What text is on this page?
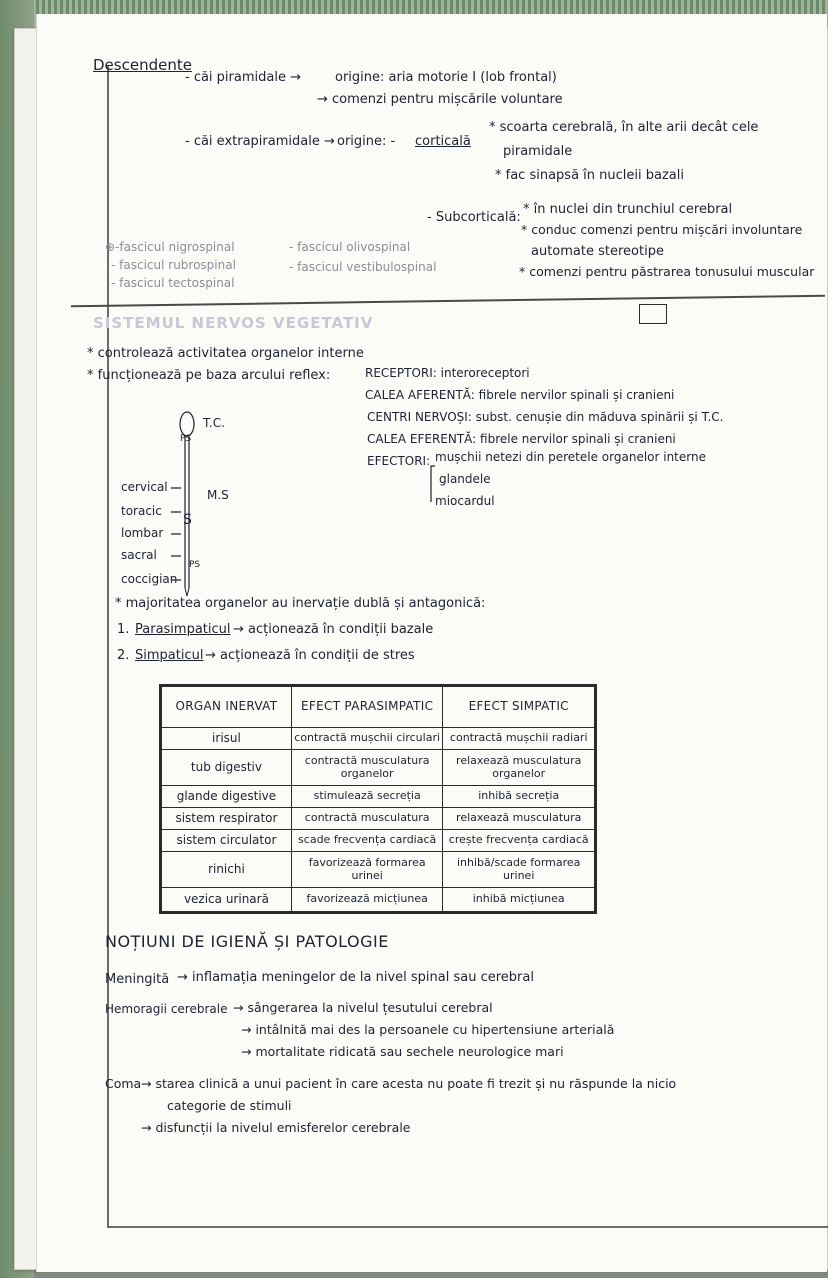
Descendente
- căi piramidale →	origine: aria motorie I (lob frontal)
→ comenzi pentru mișcările voluntare
- căi extrapiramidale → origine: - corticală
* scoarta cerebrală, în alte arii decât cele
piramidale
* fac sinapsă în nucleii bazali
- Subcorticală:
* în nuclei din trunchiul cerebral
* conduc comenzi pentru mișcări involuntare
automate stereotipe
* comenzi pentru păstrarea tonusului muscular
⊕-fascicul nigrospinal
- fascicul rubrospinal
- fascicul tectospinal
- fascicul olivospinal
- fascicul vestibulospinal
SISTEMUL NERVOS VEGETATIV
* controlează activitatea organelor interne
* funcționează pe baza arcului reflex:	RECEPTORI: interoreceptori
CALEA AFERENTĂ: fibrele nervilor spinali și cranieni
CENTRI NERVOȘI: subst. cenușie din măduva spinării și T.C.
CALEA EFERENTĂ: fibrele nervilor spinali și cranieni
EFECTORI: mușchii netezi din peretele organelor interne
glandele
miocardul
T.C.
PS
M.S
S
PS
cervical
toracic
lombar
sacral
coccigian
* majoritatea organelor au inervație dublă și antagonică:
1. Parasimpaticul → acționează în condiții bazale
2. Simpaticul → acționează în condiții de stres
ORGAN INERVAT	EFECT PARASIMPATIC	EFECT SIMPATIC
irisul	contractă mușchii circulari	contractă mușchii radiari
tub digestiv	contractă musculatura organelor	relaxează musculatura organelor
glande digestive	stimulează secreția	inhibă secreția
sistem respirator	contractă musculatura	relaxează musculatura
sistem circulator	scade frecvența cardiacă	crește frecvența cardiacă
rinichi	favorizează formarea urinei	inhibă/scade formarea urinei
vezica urinară	favorizează micțiunea	inhibă micțiunea
NOȚIUNI DE IGIENĂ ȘI PATOLOGIE
Meningită → inflamația meningelor de la nivel spinal sau cerebral
Hemoragii cerebrale → sângerarea la nivelul țesutului cerebral
→ intâlnită mai des la persoanele cu hipertensiune arterială
→ mortalitate ridicată sau sechele neurologice mari
Coma → starea clinică a unui pacient în care acesta nu poate fi trezit și nu răspunde la nicio
categorie de stimuli
→ disfuncții la nivelul emisferelor cerebrale
